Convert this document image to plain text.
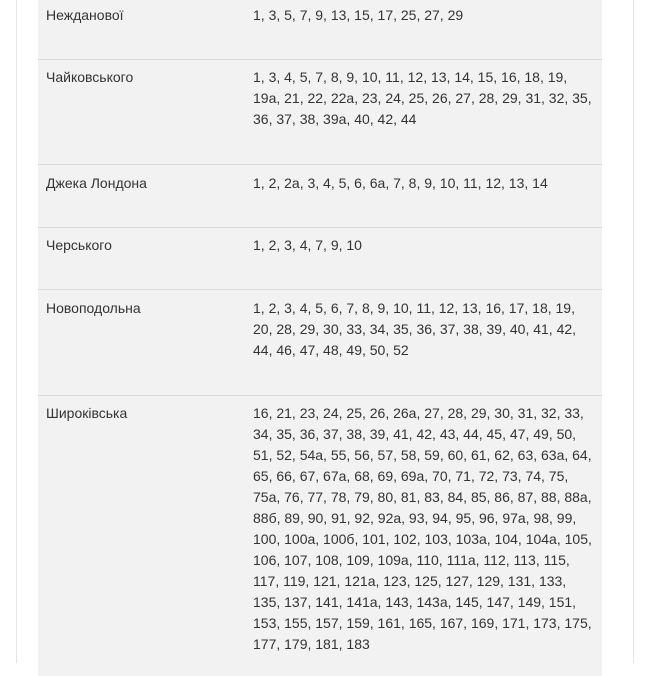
Нежданової	1, 3, 5, 7, 9, 13, 15, 17, 25, 27, 29
Чайковського	1, 3, 4, 5, 7, 8, 9, 10, 11, 12, 13, 14, 15, 16, 18, 19, 19а, 21, 22, 22а, 23, 24, 25, 26, 27, 28, 29, 31, 32, 35, 36, 37, 38, 39а, 40, 42, 44
Джека Лондона	1, 2, 2а, 3, 4, 5, 6, 6а, 7, 8, 9, 10, 11, 12, 13, 14
Черського	1, 2, 3, 4, 7, 9, 10
Новоподольна	1, 2, 3, 4, 5, 6, 7, 8, 9, 10, 11, 12, 13, 16, 17, 18, 19, 20, 28, 29, 30, 33, 34, 35, 36, 37, 38, 39, 40, 41, 42, 44, 46, 47, 48, 49, 50, 52
Широківська	16, 21, 23, 24, 25, 26, 26а, 27, 28, 29, 30, 31, 32, 33, 34, 35, 36, 37, 38, 39, 41, 42, 43, 44, 45, 47, 49, 50, 51, 52, 54а, 55, 56, 57, 58, 59, 60, 61, 62, 63, 63а, 64, 65, 66, 67, 67а, 68, 69, 69а, 70, 71, 72, 73, 74, 75, 75а, 76, 77, 78, 79, 80, 81, 83, 84, 85, 86, 87, 88, 88а, 88б, 89, 90, 91, 92, 92а, 93, 94, 95, 96, 97а, 98, 99, 100, 100а, 100б, 101, 102, 103, 103а, 104, 104а, 105, 106, 107, 108, 109, 109а, 110, 111а, 112, 113, 115, 117, 119, 121, 121а, 123, 125, 127, 129, 131, 133, 135, 137, 141, 141а, 143, 143а, 145, 147, 149, 151, 153, 155, 157, 159, 161, 165, 167, 169, 171, 173, 175, 177, 179, 181, 183
